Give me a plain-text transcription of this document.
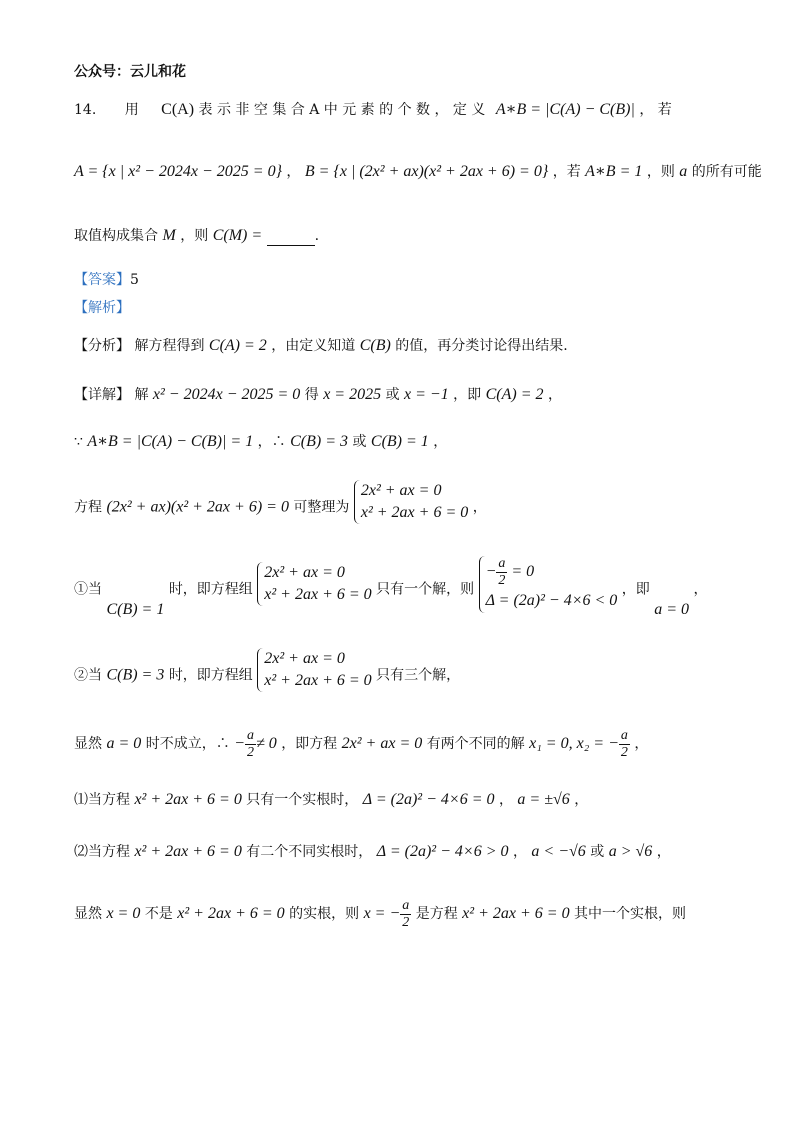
公众号：云儿和花
14. 用 C(A) 表 示 非 空 集 合 A 中 元 素 的 个 数 ， 定 义 A∗B = |C(A) − C(B)| ， 若
A = {x | x² − 2024x − 2025 = 0} ， B = {x | (2x² + ax)(x² + 2ax + 6) = 0} ，若 A∗B = 1 ，则 a 的所有可能
取值构成集合 M ，则 C(M) =	.
【答案】5
【解析】
【分析】 解方程得到 C(A) = 2 ，由定义知道 C(B) 的值，再分类讨论得出结果.
【详解】 解 x² − 2024x − 2025 = 0 得 x = 2025 或 x = −1 ，即 C(A) = 2 ，
∵ A∗B = |C(A) − C(B)| = 1 ，∴ C(B) = 3 或 C(B) = 1 ，
方程 (2x² + ax)(x² + 2ax + 6) = 0 可整理为
2x² + ax = 0
x² + 2ax + 6 = 0 ，
①当 C(B) = 1 时，即方程组
2x² + ax = 0
x² + 2ax + 6 = 0 只有一个解，则
− $\frac{a}{2} = 0$
Δ = (2a)² − 4×6 < 0
，即 a = 0 ，
②当 C(B) = 3 时，即方程组
2x² + ax = 0
x² + 2ax + 6 = 0 只有三个解，
显然 a = 0 时不成立，∴ − $\frac{a}{2} \ne 0$ ，即方程 2x² + ax = 0 有两个不同的解 x₁ = 0, x₂ = − $\frac{a}{2}$ ，
⑴当方程 x² + 2ax + 6 = 0 只有一个实根时， Δ = (2a)² − 4×6 = 0 ， a = ±√6 ，
⑵当方程 x² + 2ax + 6 = 0 有二个不同实根时， Δ = (2a)² − 4×6 > 0 ， a < −√6 或 a > √6 ，
显然 x = 0 不是 x² + 2ax + 6 = 0 的实根，则 x = − $\frac{a}{2}$ 是方程 x² + 2ax + 6 = 0 其中一个实根，则
